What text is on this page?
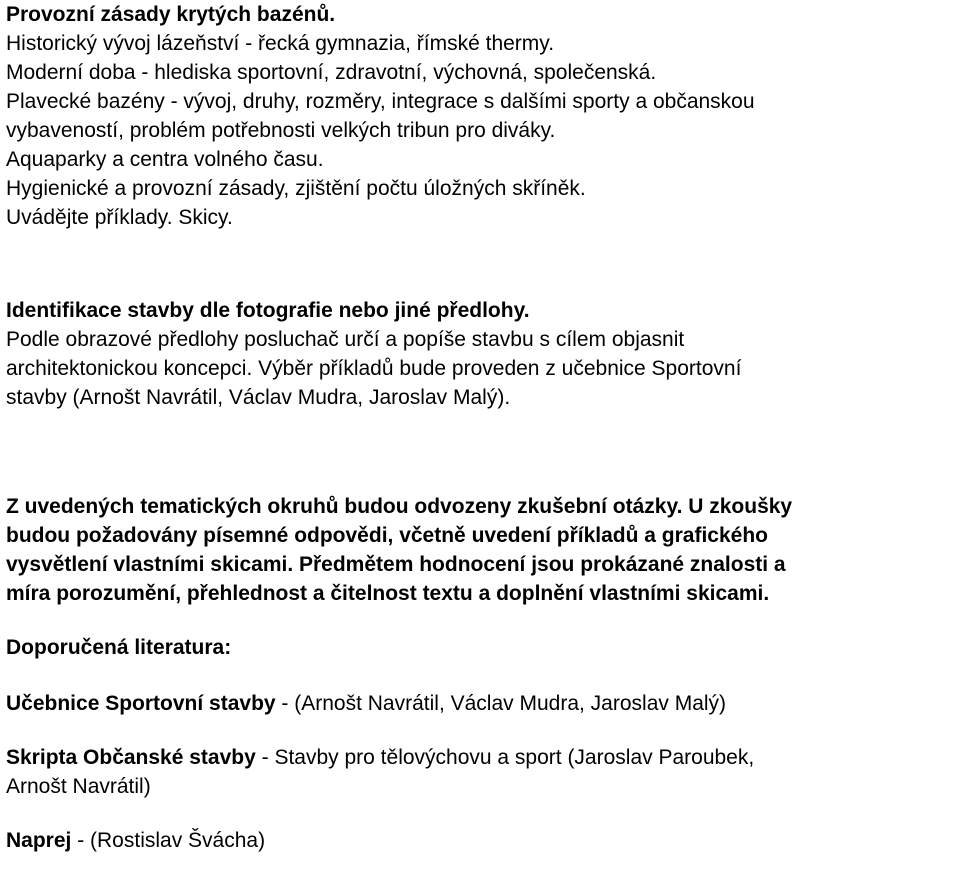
Provozní zásady krytých bazénů.

Historický vývoj lázeňství - řecká gymnazia, římské thermy.

Moderní doba - hlediska sportovní, zdravotní, výchovná, společenská.

Plavecké bazény - vývoj, druhy, rozměry, integrace s dalšími sporty a občanskou

vybaveností, problém potřebnosti velkých tribun pro diváky.

Aquaparky a centra volného času.

Hygienické a provozní zásady, zjištění počtu úložných skříněk.

Uvádějte příklady. Skicy.

Identifikace stavby dle fotografie nebo jiné předlohy.

Podle obrazové předlohy posluchač určí a popíše stavbu s cílem objasnit

architektonickou koncepci. Výběr příkladů bude proveden z učebnice Sportovní

stavby (Arnošt Navrátil, Václav Mudra, Jaroslav Malý).

Z uvedených tematických okruhů budou odvozeny zkušební otázky. U zkoušky

budou požadovány písemné odpovědi, včetně uvedení příkladů a grafického

vysvětlení vlastními skicami. Předmětem hodnocení jsou prokázané znalosti a

míra porozumění, přehlednost a čitelnost textu a doplnění vlastními skicami.

Doporučená literatura:

Učebnice Sportovní stavby - (Arnošt Navrátil, Václav Mudra, Jaroslav Malý)

Skripta Občanské stavby - Stavby pro tělovýchovu a sport (Jaroslav Paroubek,

Arnošt Navrátil)

Naprej - (Rostislav Švácha)
